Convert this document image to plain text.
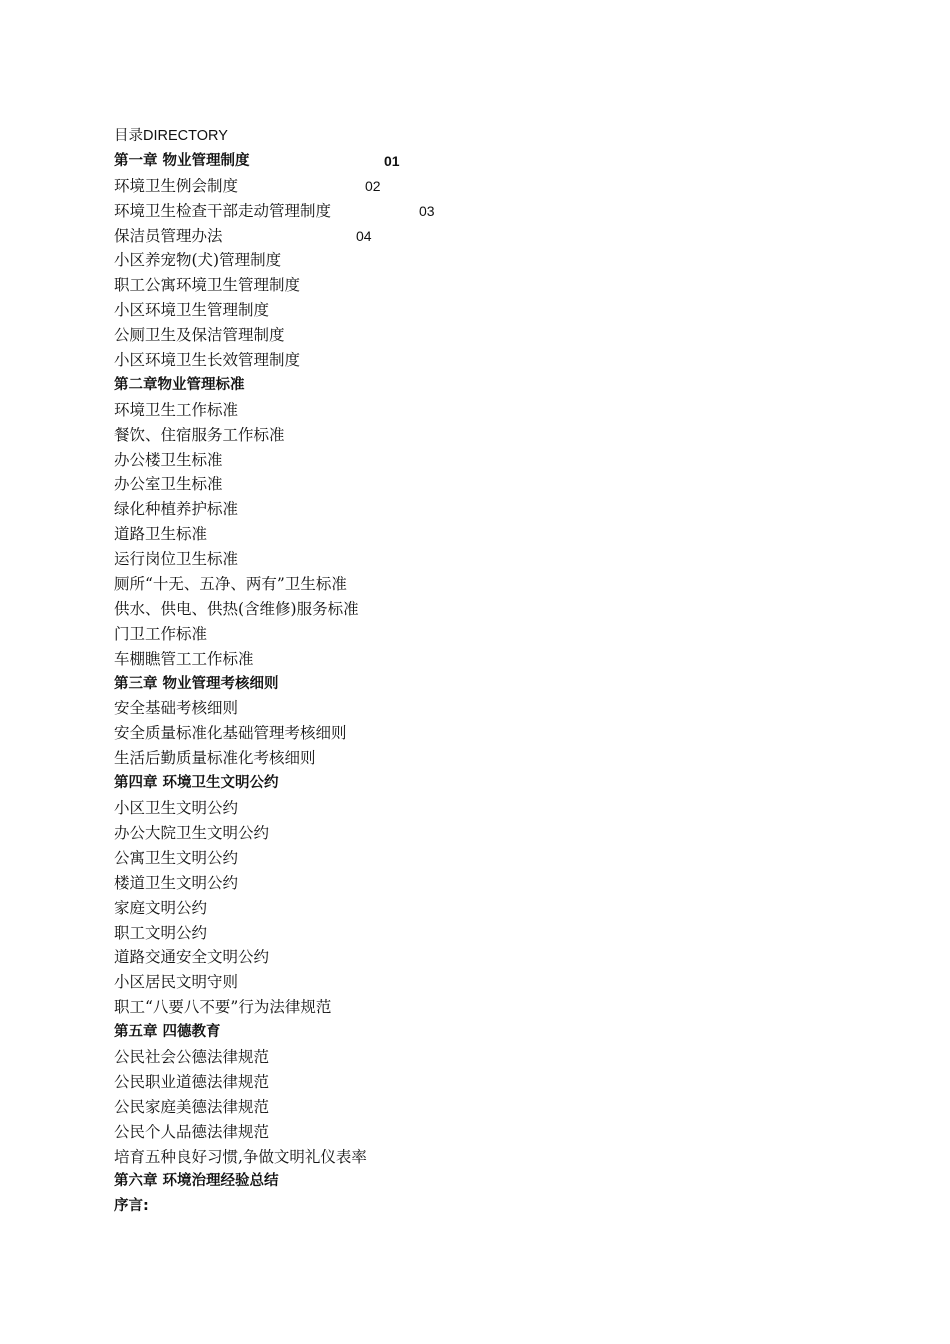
目录DIRECTORY
第一章 物业管理制度	01
环境卫生例会制度	02
环境卫生检查干部走动管理制度	03
保洁员管理办法	04
小区养宠物(犬)管理制度
职工公寓环境卫生管理制度
小区环境卫生管理制度
公厕卫生及保洁管理制度
小区环境卫生长效管理制度
第二章物业管理标准
环境卫生工作标准
餐饮、住宿服务工作标准
办公楼卫生标准
办公室卫生标准
绿化种植养护标准
道路卫生标准
运行岗位卫生标准
厕所“十无、五净、两有”卫生标准
供水、供电、供热(含维修)服务标准
门卫工作标准
车棚瞧管工工作标准
第三章 物业管理考核细则
安全基础考核细则
安全质量标准化基础管理考核细则
生活后勤质量标准化考核细则
第四章 环境卫生文明公约
小区卫生文明公约
办公大院卫生文明公约
公寓卫生文明公约
楼道卫生文明公约
家庭文明公约
职工文明公约
道路交通安全文明公约
小区居民文明守则
职工“八要八不要”行为法律规范
第五章 四德教育
公民社会公德法律规范
公民职业道德法律规范
公民家庭美德法律规范
公民个人品德法律规范
培育五种良好习惯,争做文明礼仪表率
第六章 环境治理经验总结
序言:
